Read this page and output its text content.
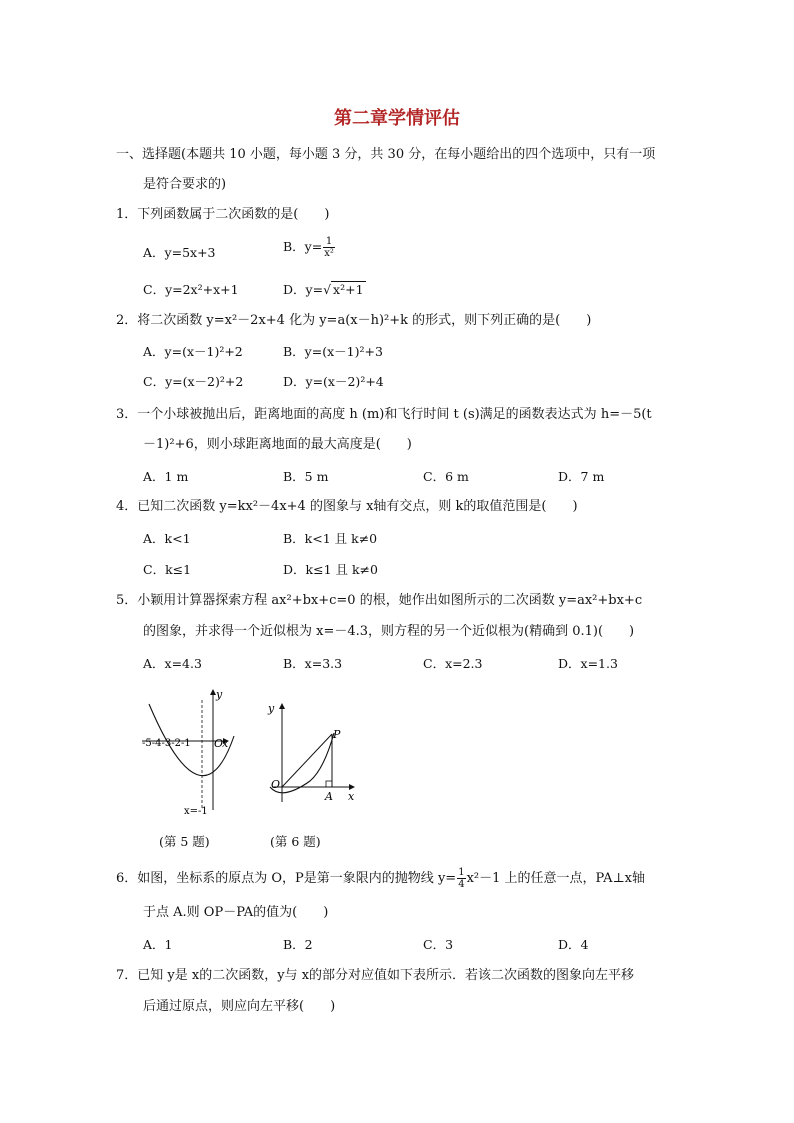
第二章学情评估
一、选择题(本题共 10 小题，每小题 3 分，共 30 分，在每小题给出的四个选项中，只有一项
是符合要求的)
1．下列函数属于二次函数的是(　　)
A．y=5x+3	B．$y= \frac{1}{\text{x²}}$
C．y=2x²+x+1	D．y=√ x²+1
2．将二次函数 y=x²－2x+4 化为 y=a(x－h)²+k 的形式，则下列正确的是(　　)
A．y=(x－1)²+2	B．y=(x－1)²+3
C．y=(x－2)²+2	D．y=(x－2)²+4
3．一个小球被抛出后，距离地面的高度 h (m)和飞行时间 t (s)满足的函数表达式为 h=－5(t
－1)²+6，则小球距离地面的最大高度是(　　)
A．1 m	B．5 m	C．6 m	D．7 m
4．已知二次函数 y=kx²－4x+4 的图象与 x轴有交点，则 k的取值范围是(　　)
A．k<1	B．k<1 且 k≠0
C．k≤1	D．k≤1 且 k≠0
5．小颖用计算器探索方程 ax²+bx+c=0 的根，她作出如图所示的二次函数 y=ax²+bx+c
的图象，并求得一个近似根为 x=－4.3，则方程的另一个近似根为(精确到 0.1)(　　)
A．x=4.3	B．x=3.3	C．x=2.3	D．x=1.3
y
x
O
-5-4-3-2-1
x=-1
(第 5 题)
y
x
O
P
A
(第 6 题)
6．如图，坐标系的原点为 O，P是第一象限内的抛物线 $y= \frac{1}{4} x^2-1$ 上的任意一点，PA⊥x轴
于点 A.则 OP－PA的值为(　　)
A．1	B．2	C．3	D．4
7．已知 y是 x的二次函数，y与 x的部分对应值如下表所示．若该二次函数的图象向左平移
后通过原点，则应向左平移(　　)
